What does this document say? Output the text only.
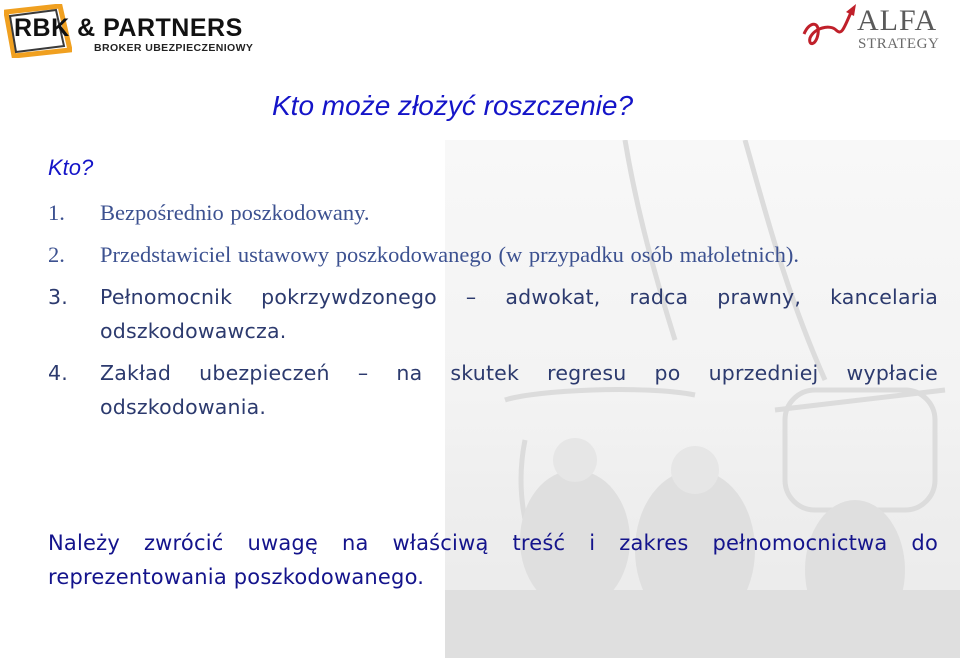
RBK & PARTNERS
BROKER UBEZPIECZENIOWY
ALFA
STRATEGY
Kto może złożyć roszczenie?
Kto?
1. Bezpośrednio poszkodowany.
2. Przedstawiciel ustawowy poszkodowanego (w przypadku osób małoletnich).
3. Pełnomocnik pokrzywdzonego – adwokat, radca prawny, kancelaria odszkodowawcza.
4. Zakład ubezpieczeń – na skutek regresu po uprzedniej wypłacie odszkodowania.

Należy zwrócić uwagę na właściwą treść i zakres pełnomocnictwa do reprezentowania poszkodowanego.
